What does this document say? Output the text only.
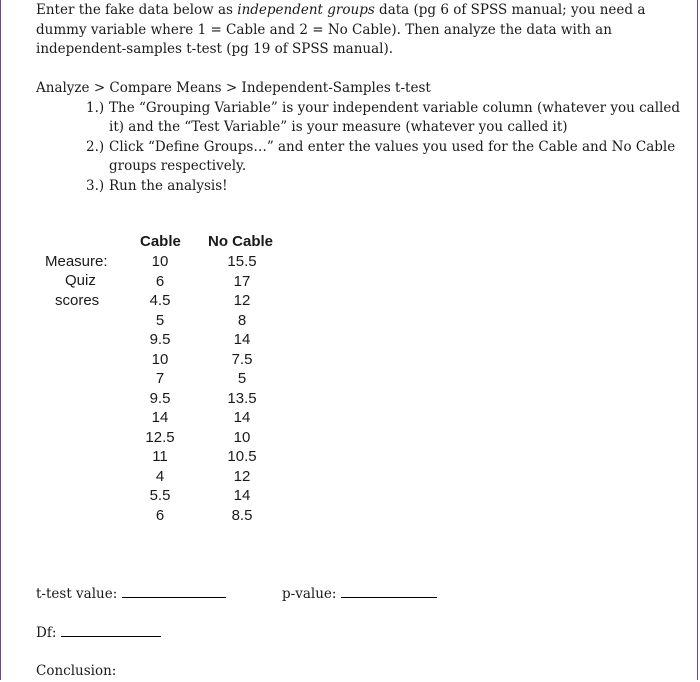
Enter the fake data below as independent groups data (pg 6 of SPSS manual; you need a
dummy variable where 1 = Cable and 2 = No Cable). Then analyze the data with an
independent-samples t-test (pg 19 of SPSS manual).
Analyze > Compare Means > Independent-Samples t-test
1.) The “Grouping Variable” is your independent variable column (whatever you called it) and the “Test Variable” is your measure (whatever you called it)
2.) Click “Define Groups…” and enter the values you used for the Cable and No Cable groups respectively.
3.) Run the analysis!
Cable No Cable
Measure:
Quiz
scores
10
6
4.5
5
9.5
10
7
9.5
14
12.5
11
4
5.5
6
15.5
17
12
8
14
7.5
5
13.5
14
10
10.5
12
14
8.5
t-test value:	p-value:
Df:
Conclusion:
